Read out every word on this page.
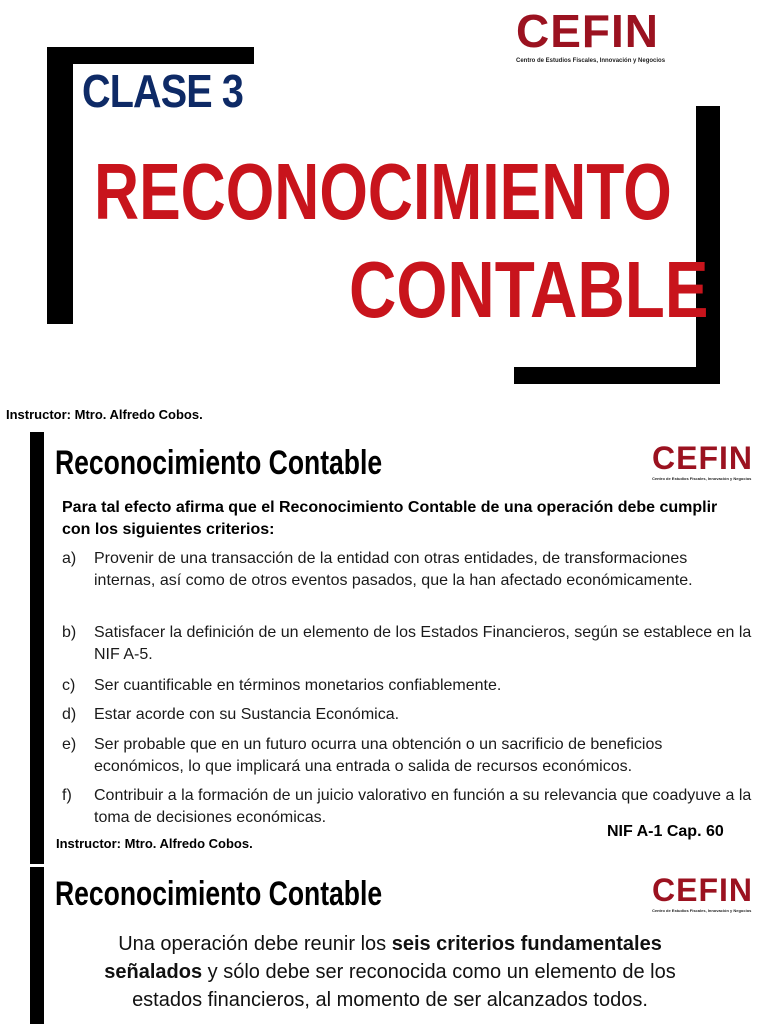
CEFIN
Centro de Estudios Fiscales, Innovación y Negocios
CLASE 3
RECONOCIMIENTO
CONTABLE
Instructor: Mtro. Alfredo Cobos.
Reconocimiento Contable	CEFIN
Centro de Estudios Fiscales, Innovación y Negocios
Para tal efecto afirma que el Reconocimiento Contable de una operación debe cumplir con los siguientes criterios:
a) Provenir de una transacción de la entidad con otras entidades, de transformaciones internas, así como de otros eventos pasados, que la han afectado económicamente.
b) Satisfacer la definición de un elemento de los Estados Financieros, según se establece en la NIF A-5.
c) Ser cuantificable en términos monetarios confiablemente.
d) Estar acorde con su Sustancia Económica.
e) Ser probable que en un futuro ocurra una obtención o un sacrificio de beneficios económicos, lo que implicará una entrada o salida de recursos económicos.
f) Contribuir a la formación de un juicio valorativo en función a su relevancia que coadyuve a la toma de decisiones económicas.
Instructor: Mtro. Alfredo Cobos.
NIF A-1 Cap. 60
Reconocimiento Contable	CEFIN
Centro de Estudios Fiscales, Innovación y Negocios
Una operación debe reunir los seis criterios fundamentales señalados y sólo debe ser reconocida como un elemento de los estados financieros, al momento de ser alcanzados todos.
